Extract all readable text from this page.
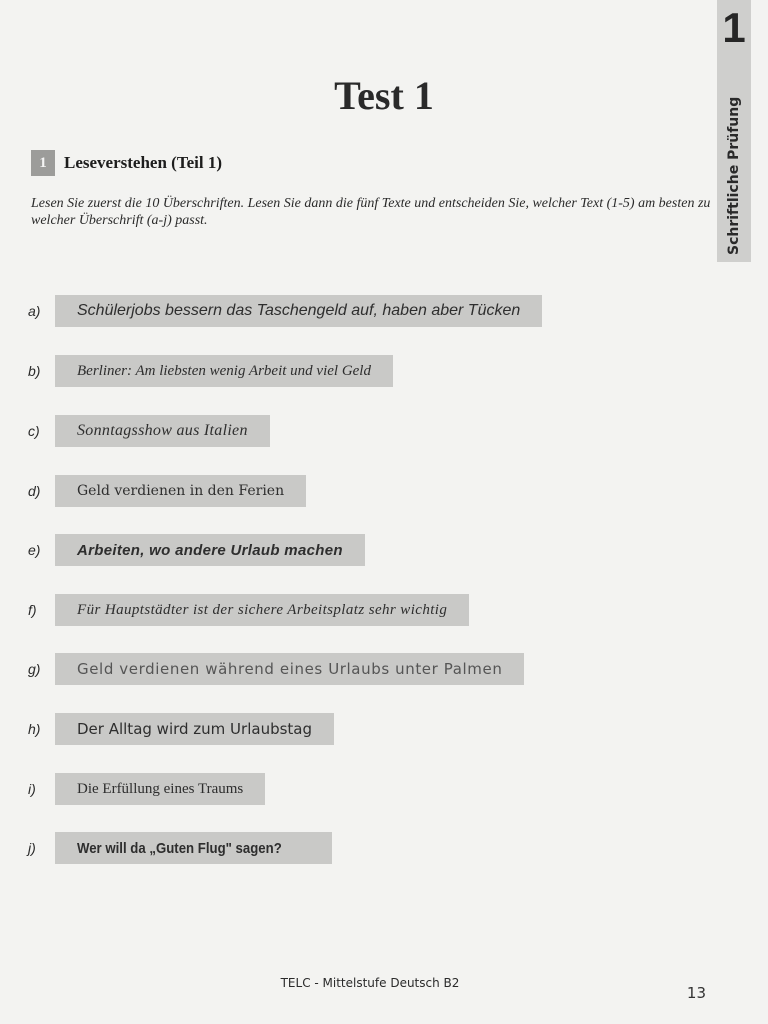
1
Schriftliche Prüfung
Test 1
1	Leseverstehen (Teil 1)
Lesen Sie zuerst die 10 Überschriften. Lesen Sie dann die fünf Texte und entscheiden Sie, welcher Text (1-5) am besten zu welcher Überschrift (a-j) passt.
a)	Schülerjobs bessern das Taschengeld auf, haben aber Tücken
b)	Berliner: Am liebsten wenig Arbeit und viel Geld
c)	Sonntagsshow aus Italien
d)	Geld verdienen in den Ferien
e)	Arbeiten, wo andere Urlaub machen
f)	Für Hauptstädter ist der sichere Arbeitsplatz sehr wichtig
g)	Geld verdienen während eines Urlaubs unter Palmen
h)	Der Alltag wird zum Urlaubstag
i)	Die Erfüllung eines Traums
j)	Wer will da „Guten Flug" sagen?
TELC - Mittelstufe Deutsch B2
13
